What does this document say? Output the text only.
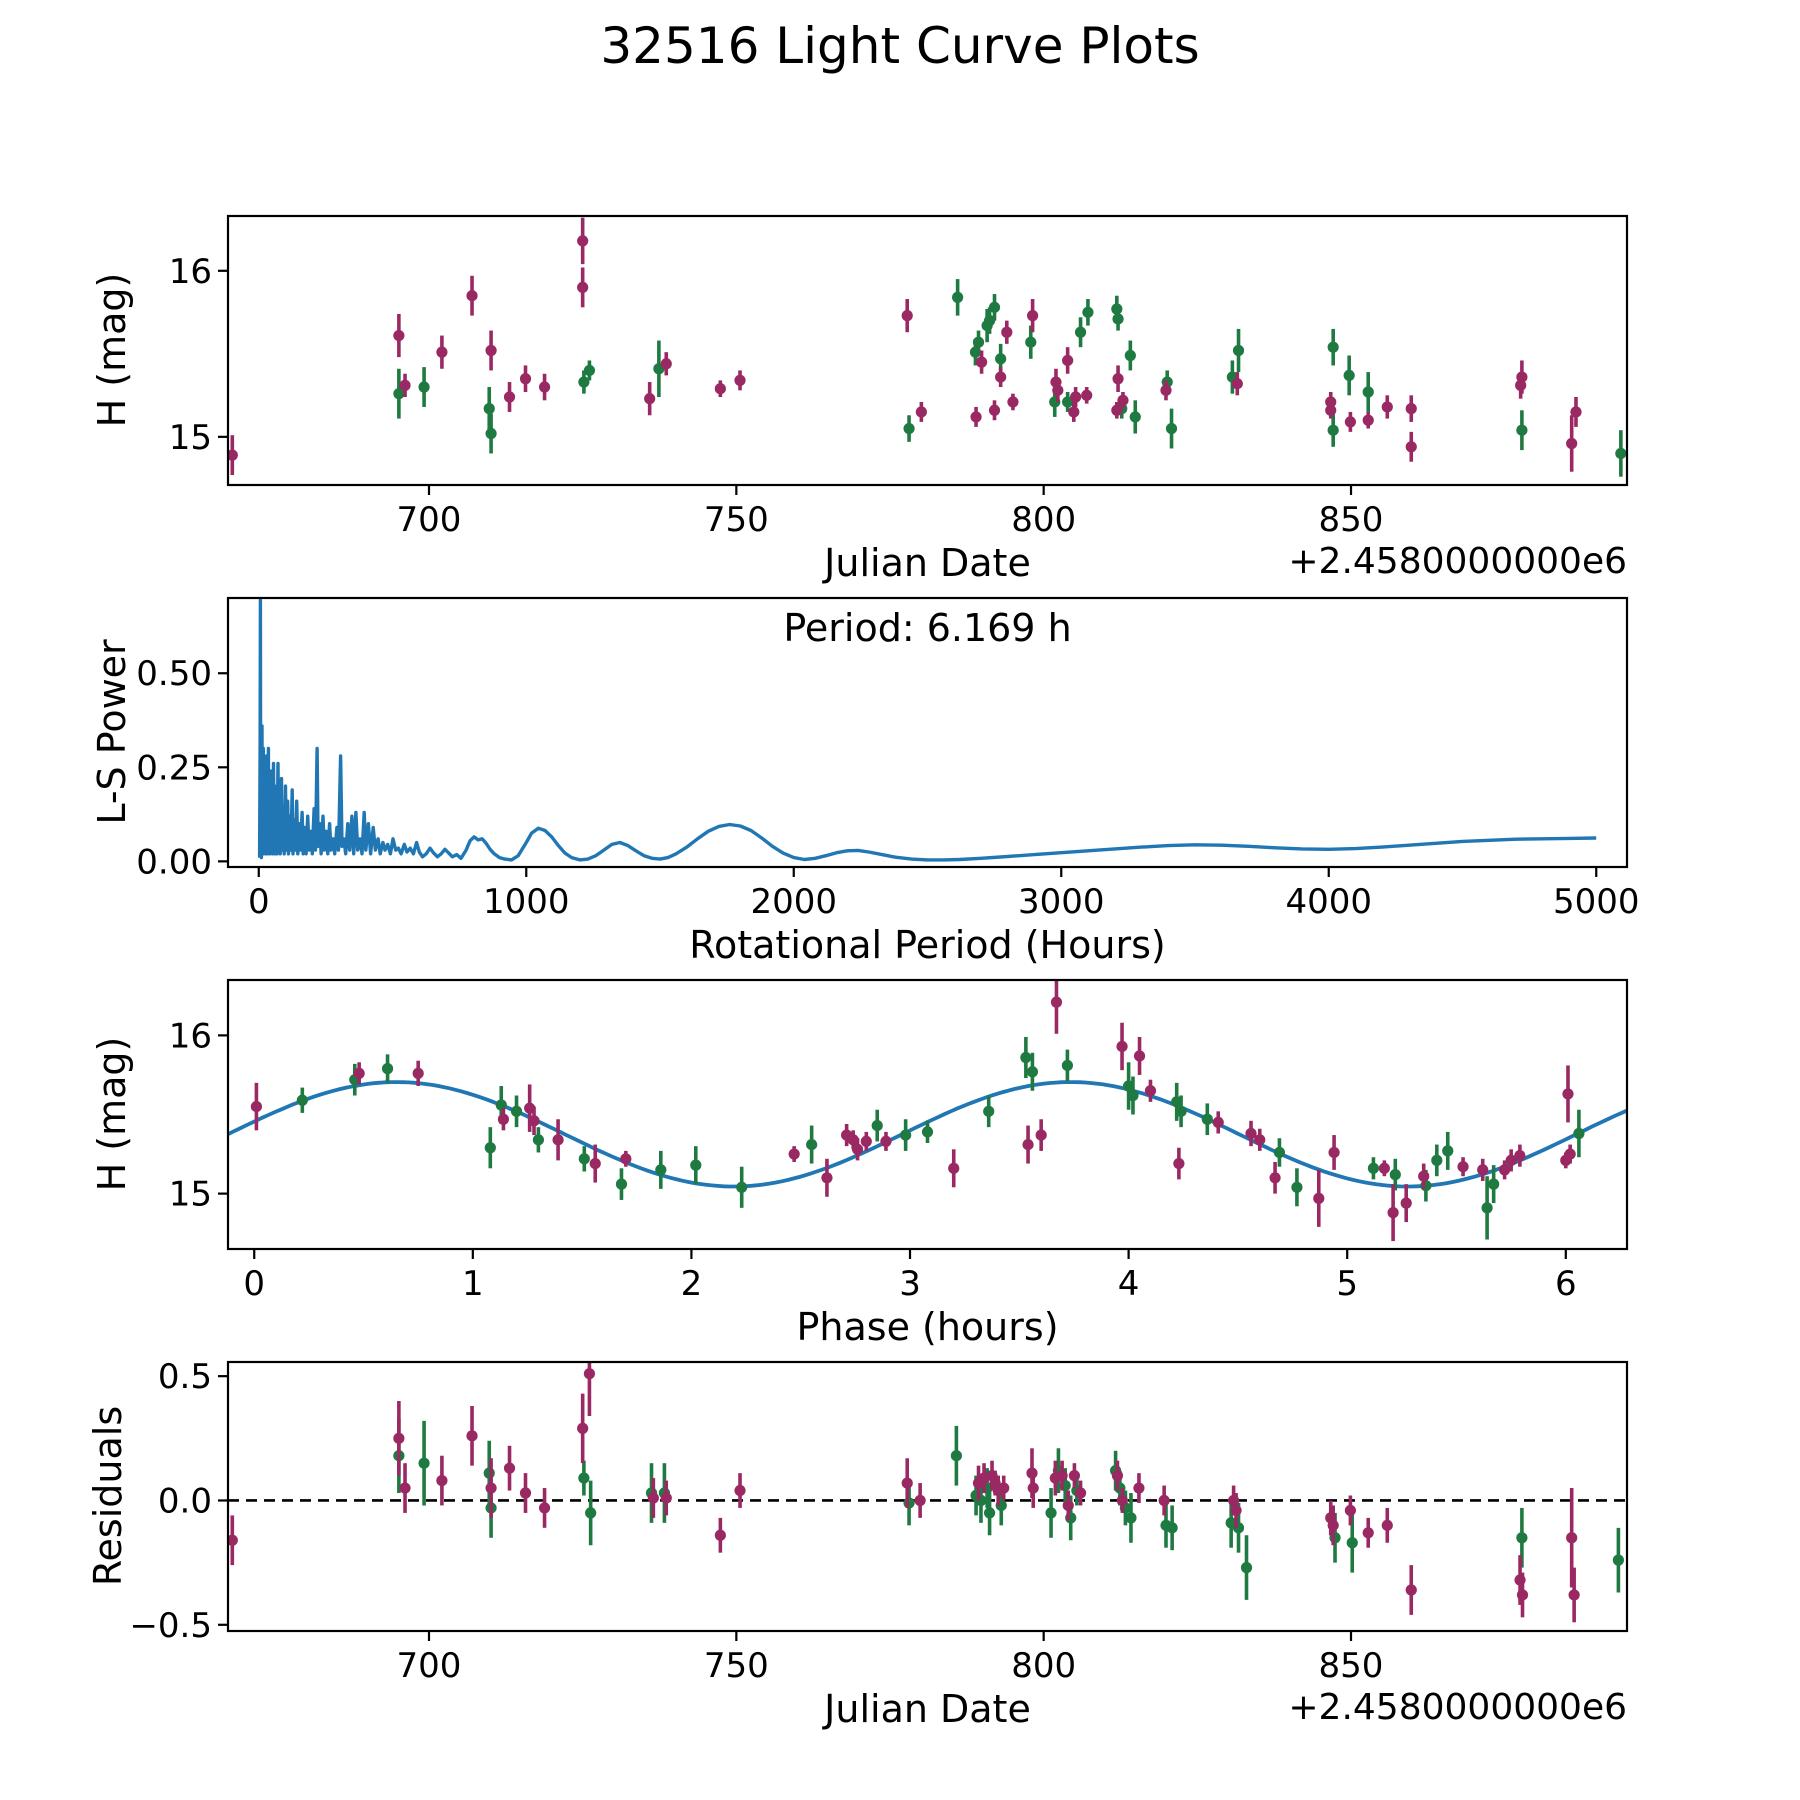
32516 Light Curve Plots
700	750	800	850
15
16
0	1000	2000	3000	4000	5000
0.00
0.25
0.50
0	1	2	3	4	5	6
15
16
700	750	800	850
−0.5
0.0
0.5
H (mag)
Julian Date	+2.4580000000e6
L-S Power
Period: 6.169 h
Rotational Period (Hours)
H (mag)
Phase (hours)
Residuals
Julian Date	+2.4580000000e6
